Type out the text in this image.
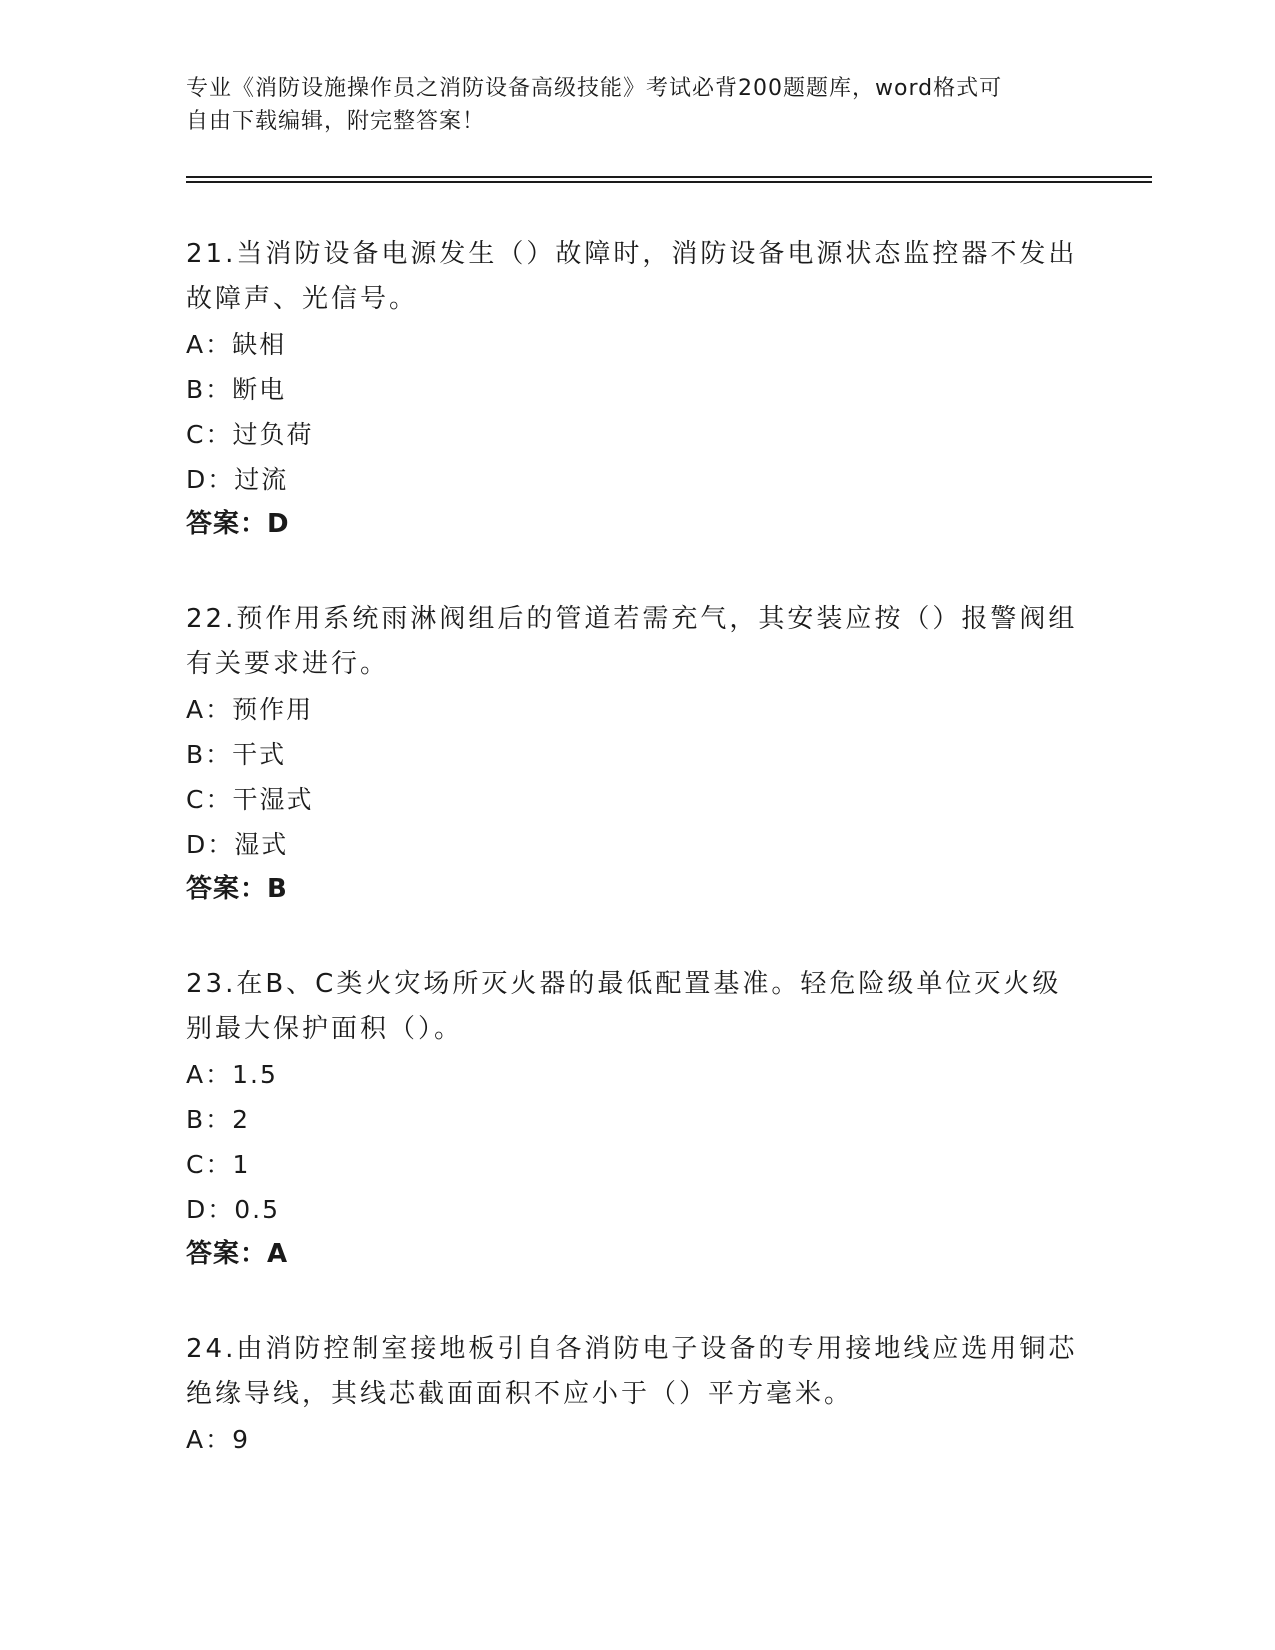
专业《消防设施操作员之消防设备高级技能》考试必背200题题库，word格式可
自由下载编辑，附完整答案！
21.当消防设备电源发生（）故障时，消防设备电源状态监控器不发出
故障声、光信号。
A：缺相
B：断电
C：过负荷
D：过流
答案：D
22.预作用系统雨淋阀组后的管道若需充气，其安装应按（）报警阀组
有关要求进行。
A：预作用
B：干式
C：干湿式
D：湿式
答案：B
23.在B、C类火灾场所灭火器的最低配置基准。轻危险级单位灭火级
别最大保护面积（）。
A：1.5
B：2
C：1
D：0.5
答案：A
24.由消防控制室接地板引自各消防电子设备的专用接地线应选用铜芯
绝缘导线，其线芯截面面积不应小于（）平方毫米。
A：9
